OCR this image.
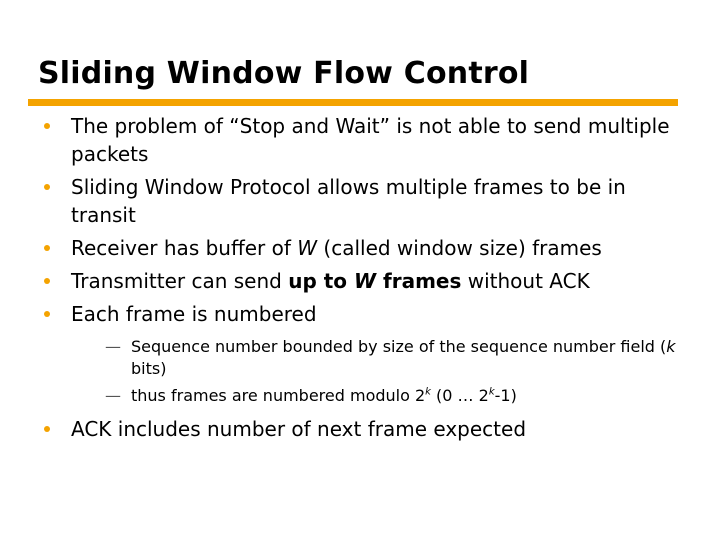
Sliding Window Flow Control
The problem of “Stop and Wait” is not able to send multiple packets
Sliding Window Protocol allows multiple frames to be in transit
Receiver has buffer of W (called window size) frames
Transmitter can send up to W frames without ACK
Each frame is numbered
— Sequence number bounded by size of the sequence number field (k bits)
— thus frames are numbered modulo 2$^k$ (0 … 2$^k$-1)
ACK includes number of next frame expected
